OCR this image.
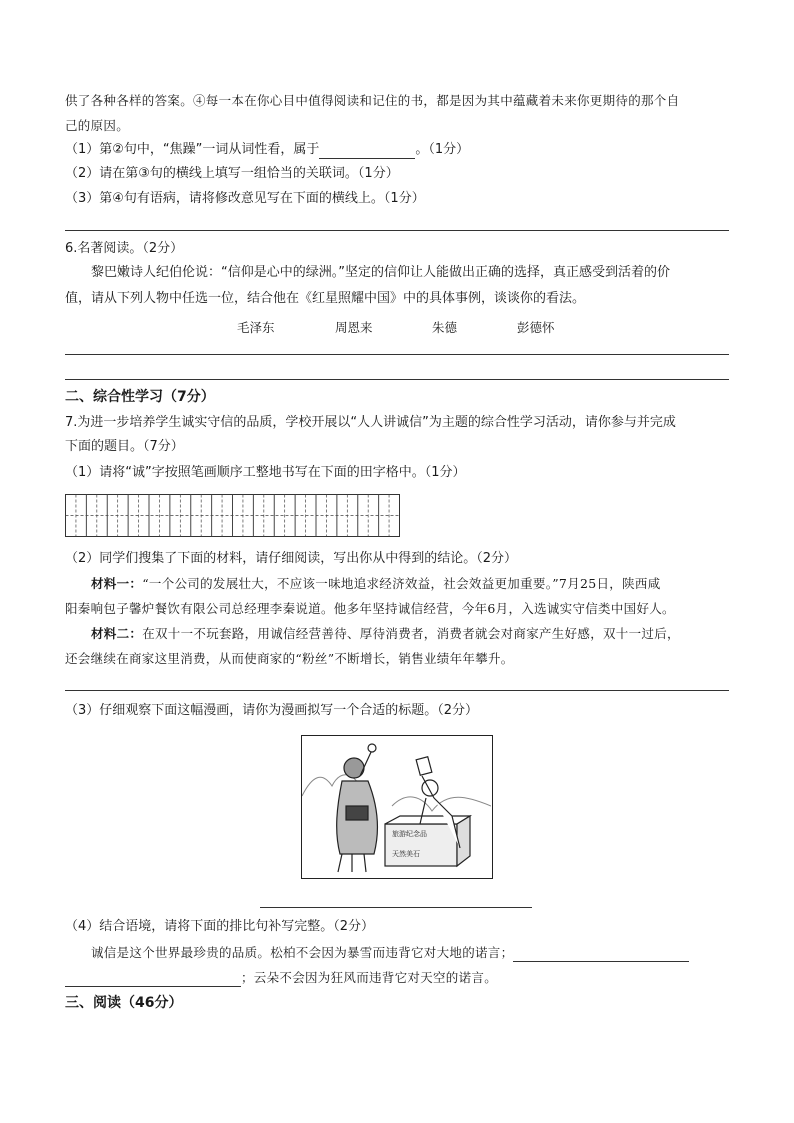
供了各种各样的答案。④每一本在你心目中值得阅读和记住的书，都是因为其中蕴藏着未来你更期待的那个自
己的原因。
（1）第②句中，“焦躁”一词从词性看，属于	。（1分）
（2）请在第③句的横线上填写一组恰当的关联词。（1分）
（3）第④句有语病，请将修改意见写在下面的横线上。（1分）
6.名著阅读。（2分）
黎巴嫩诗人纪伯伦说：“信仰是心中的绿洲。”坚定的信仰让人能做出正确的选择，真正感受到活着的价
值，请从下列人物中任选一位，结合他在《红星照耀中国》中的具体事例，谈谈你的看法。
毛泽东	周恩来	朱德	彭德怀
二、综合性学习（7分）
7.为进一步培养学生诚实守信的品质，学校开展以“人人讲诚信”为主题的综合性学习活动，请你参与并完成
下面的题目。（7分）
（1）请将“诚”字按照笔画顺序工整地书写在下面的田字格中。（1分）
（2）同学们搜集了下面的材料，请仔细阅读，写出你从中得到的结论。（2分）
材料一：“一个公司的发展壮大，不应该一味地追求经济效益，社会效益更加重要。”7月25日，陕西咸
阳秦响包子馨炉餐饮有限公司总经理李秦说道。他多年坚持诚信经营，今年6月，入选诚实守信类中国好人。
材料二：在双十一不玩套路，用诚信经营善待、厚待消费者，消费者就会对商家产生好感，双十一过后，
还会继续在商家这里消费，从而使商家的“粉丝”不断增长，销售业绩年年攀升。
（3）仔细观察下面这幅漫画，请你为漫画拟写一个合适的标题。（2分）
旅游纪念品
天然美石
（4）结合语境，请将下面的排比句补写完整。（2分）
诚信是这个世界最珍贵的品质。松柏不会因为暴雪而违背它对大地的诺言；
；云朵不会因为狂风而违背它对天空的诺言。
三、阅读（46分）
